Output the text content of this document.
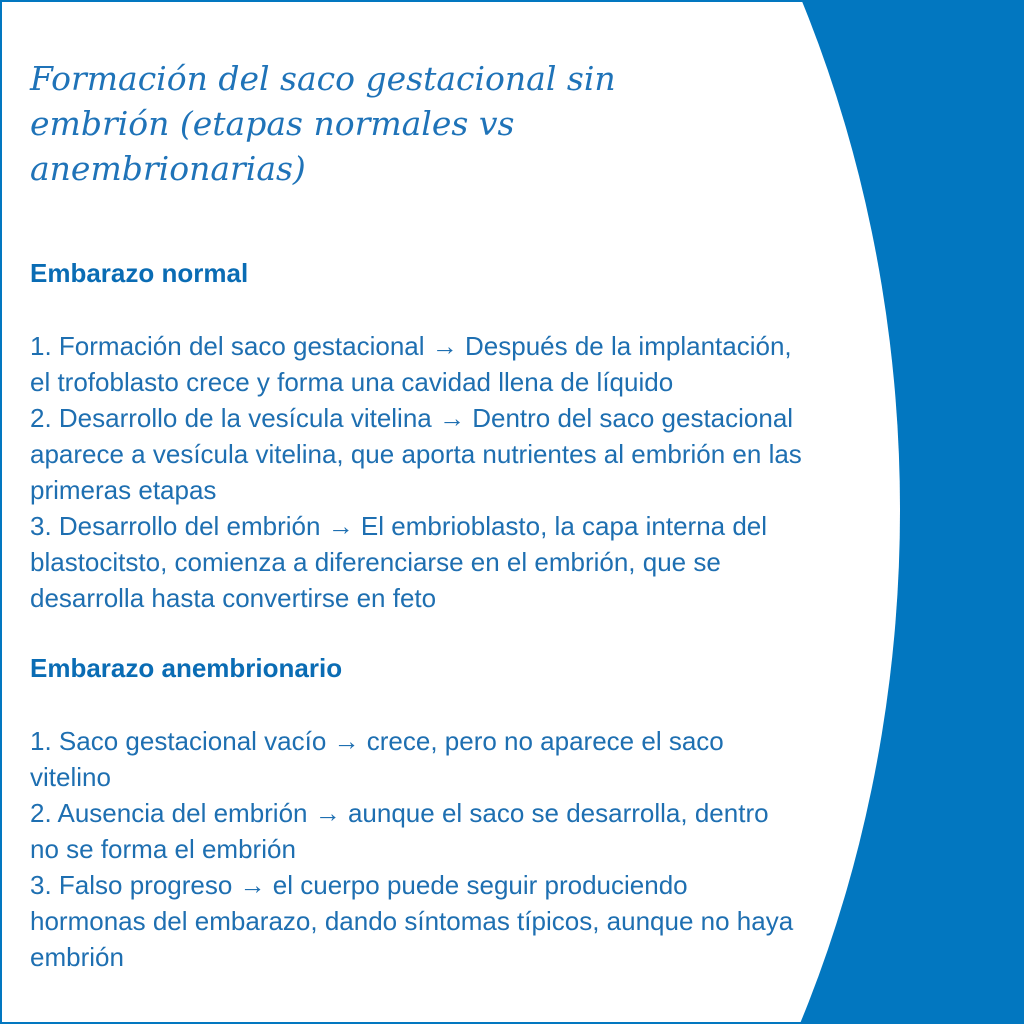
Formación del saco gestacional sin embrión (etapas normales vs anembrionarias)
Embarazo normal

1. Formación del saco gestacional → Después de la implantación, el trofoblasto crece y forma una cavidad llena de líquido

2. Desarrollo de la vesícula vitelina → Dentro del saco gestacional aparece a vesícula vitelina, que aporta nutrientes al embrión en las primeras etapas

3. Desarrollo del embrión → El embrioblasto, la capa interna del blastocitsto, comienza a diferenciarse en el embrión, que se desarrolla hasta convertirse en feto

Embarazo anembrionario

1. Saco gestacional vacío → crece, pero no aparece el saco vitelino

2. Ausencia del embrión → aunque el saco se desarrolla, dentro no se forma el embrión

3. Falso progreso → el cuerpo puede seguir produciendo hormonas del embarazo, dando síntomas típicos, aunque no haya embrión
